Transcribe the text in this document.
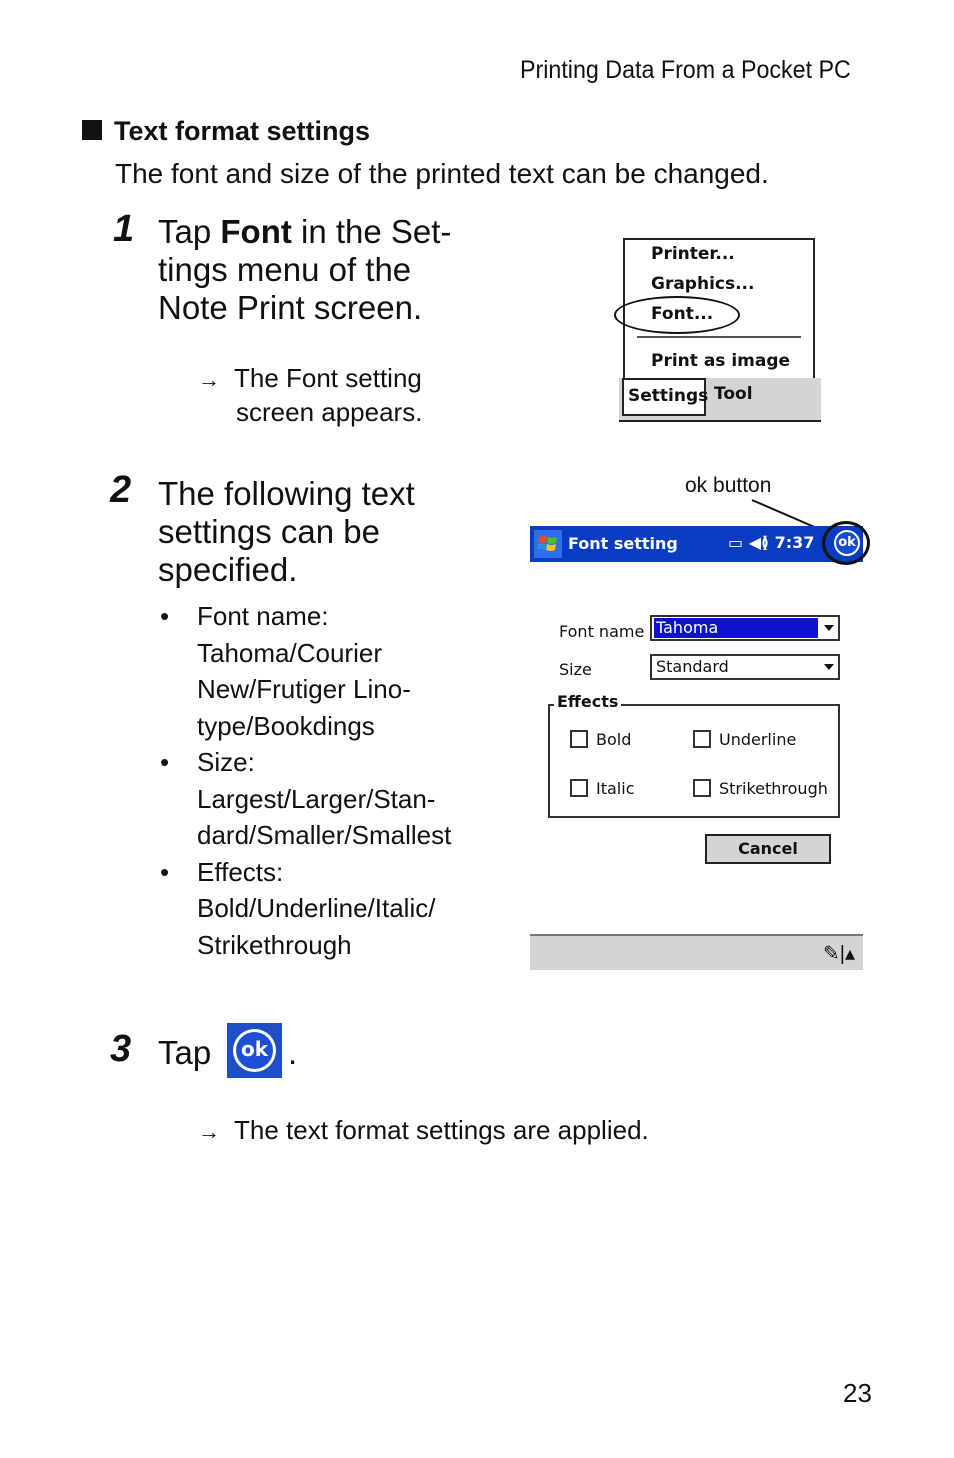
Printing Data From a Pocket PC
Text format settings
The font and size of the printed text can be changed.
1 Tap Font in the Set-
tings menu of the
Note Print screen.
→ The Font setting
screen appears.
Printer...
Graphics...
Font...
Print as image
Settings Tool
2 The following text
settings can be
specified.
• Font name:
Tahoma/Courier
New/Frutiger Lino-
type/Bookdings
• Size:
Largest/Larger/Stan-
dard/Smaller/Smallest
• Effects:
Bold/Underline/Italic/
Strikethrough
ok button
Font setting	▭ ◀≬ 7:37	ok
Font name Tahoma
Size	Standard
Effects
Bold	Underline
Italic	Strikethrough
Cancel
✎|▴
3 Tap ok .
→ The text format settings are applied.
23
